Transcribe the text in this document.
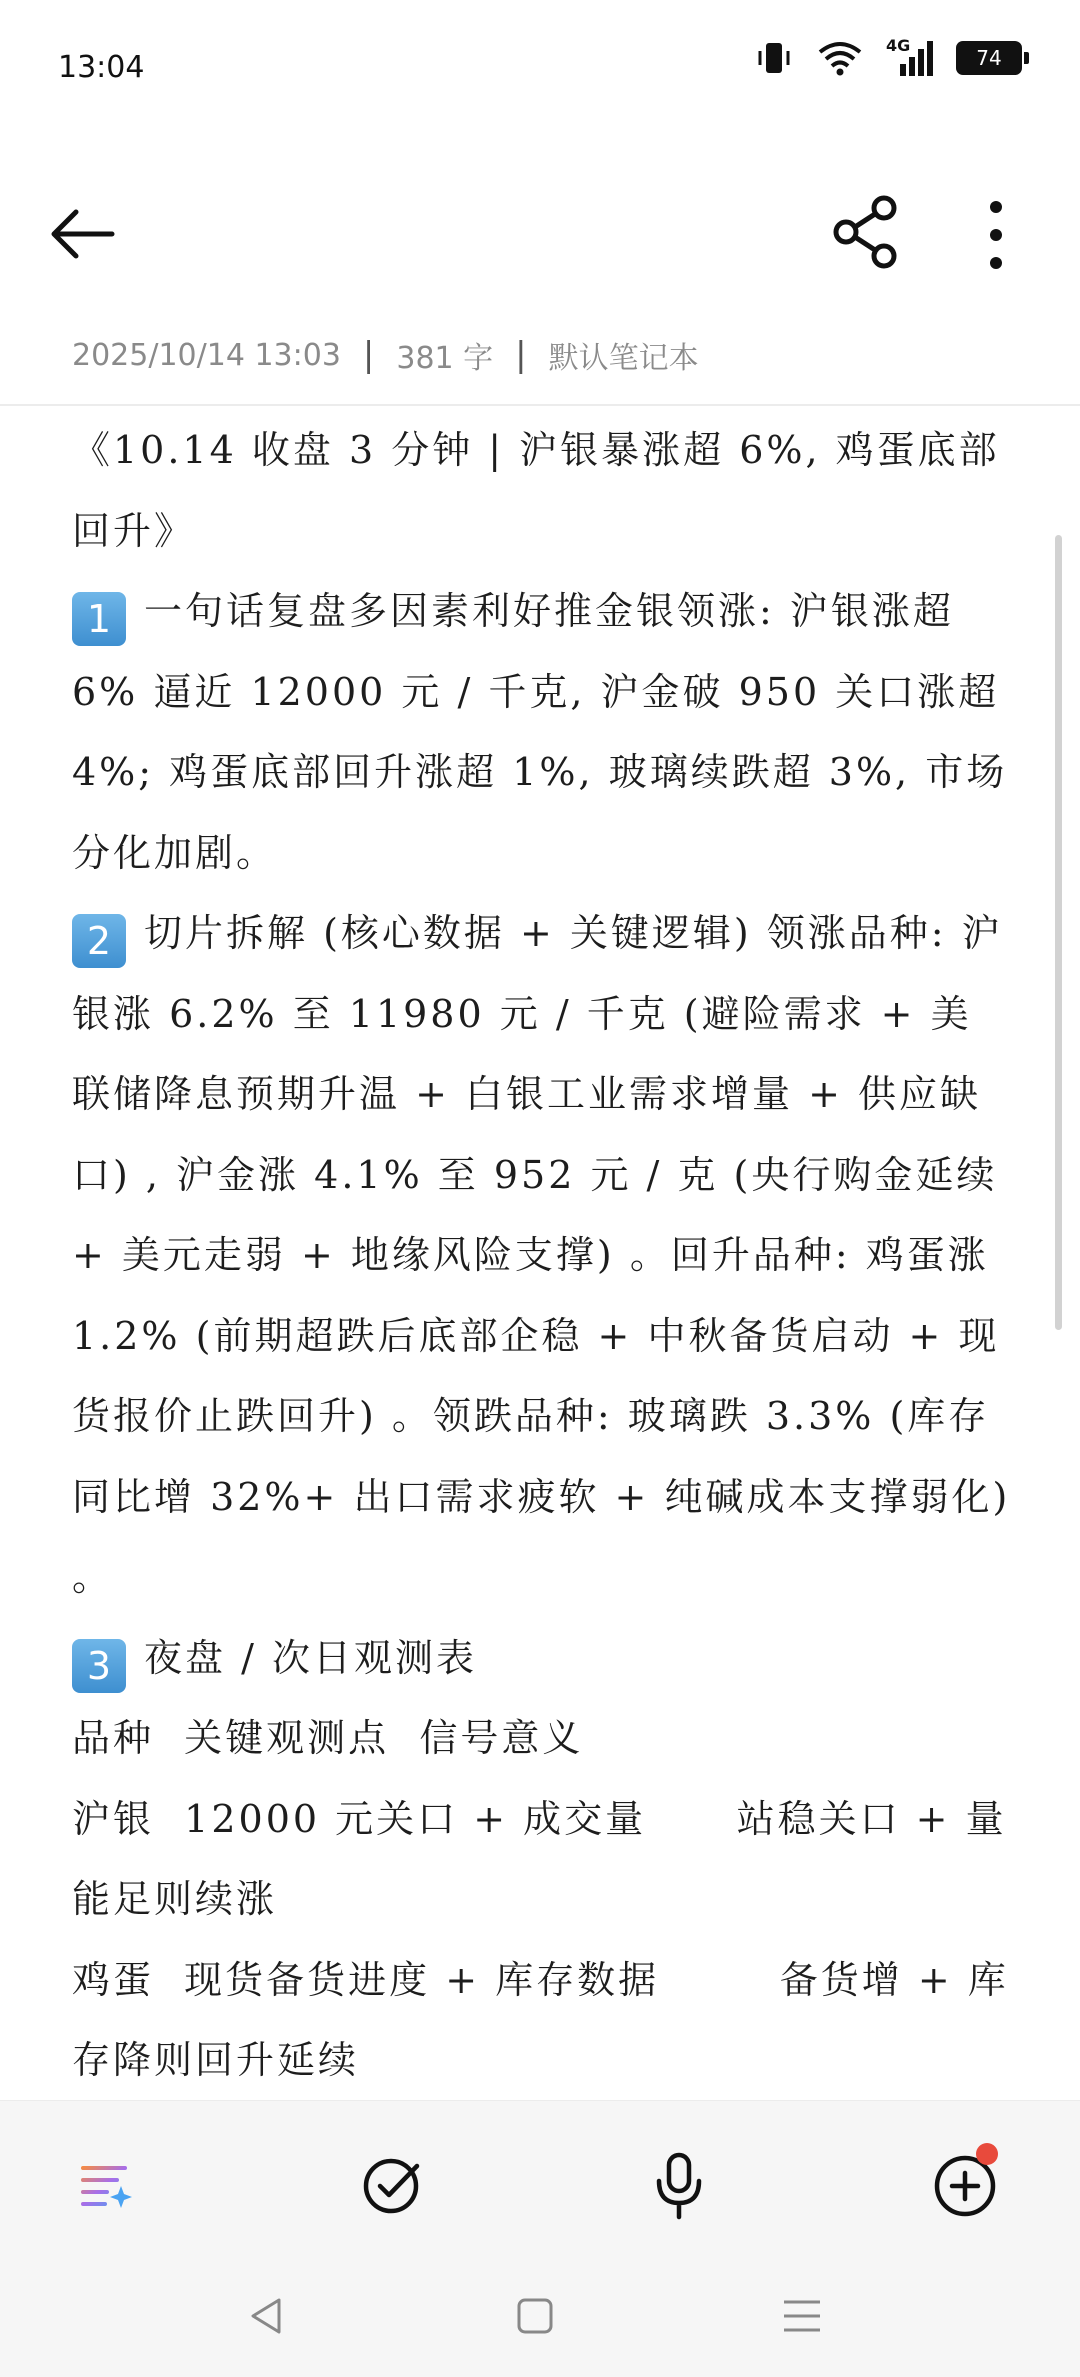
13:04
4G
74
2025/10/14 13:03 | 381 字 | 默认笔记本

《10.14 收盘 3 分钟 | 沪银暴涨超 6%, 鸡蛋底部回升》

1 一句话复盘多因素利好推金银领涨: 沪银涨超 6% 逼近 12000 元 / 千克, 沪金破 950 关口涨超 4%; 鸡蛋底部回升涨超 1%, 玻璃续跌超 3%, 市场分化加剧。

2 切片拆解 (核心数据 + 关键逻辑) 领涨品种: 沪银涨 6.2% 至 11980 元 / 千克 (避险需求 + 美联储降息预期升温 + 白银工业需求增量 + 供应缺口) , 沪金涨 4.1% 至 952 元 / 克 (央行购金延续 + 美元走弱 + 地缘风险支撑) 。回升品种: 鸡蛋涨 1.2% (前期超跌后底部企稳 + 中秋备货启动 + 现货报价止跌回升) 。领跌品种: 玻璃跌 3.3% (库存同比增 32%+ 出口需求疲软 + 纯碱成本支撑弱化) 。

3 夜盘 / 次日观测表

品种  关键观测点  信号意义

沪银  12000 元关口 + 成交量      站稳关口 + 量能足则续涨

鸡蛋  现货备货进度 + 库存数据        备货增 + 库存降则回升延续
